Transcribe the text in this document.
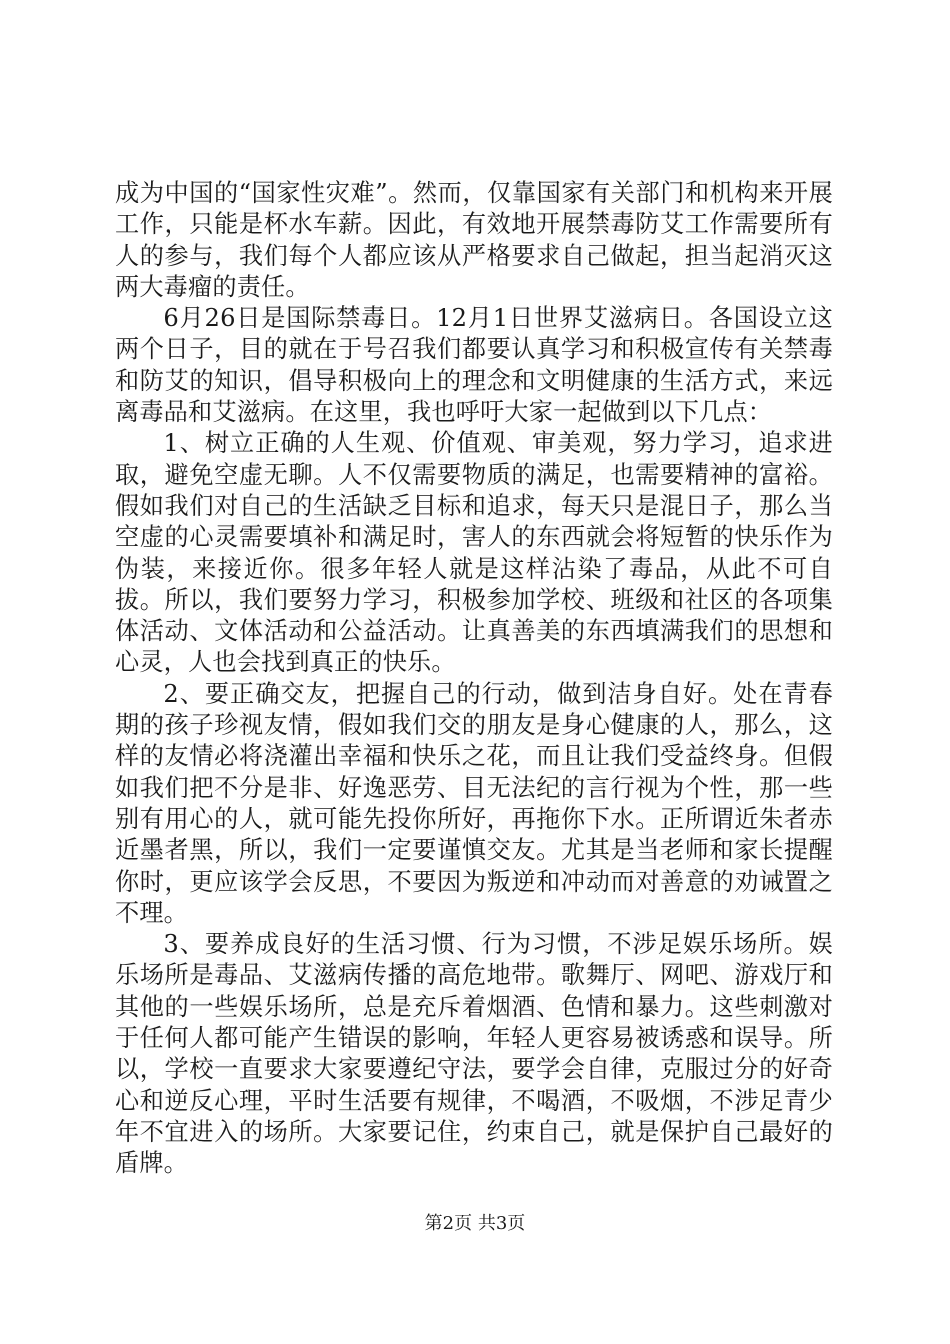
成为中国的“国家性灾难”。然而，仅靠国家有关部门和机构来开展工作，只能是杯水车薪。因此，有效地开展禁毒防艾工作需要所有人的参与，我们每个人都应该从严格要求自己做起，担当起消灭这两大毒瘤的责任。

6月26日是国际禁毒日。12月1日世界艾滋病日。各国设立这两个日子，目的就在于号召我们都要认真学习和积极宣传有关禁毒和防艾的知识，倡导积极向上的理念和文明健康的生活方式，来远离毒品和艾滋病。在这里，我也呼吁大家一起做到以下几点：

1、树立正确的人生观、价值观、审美观，努力学习，追求进取，避免空虚无聊。人不仅需要物质的满足，也需要精神的富裕。假如我们对自己的生活缺乏目标和追求，每天只是混日子，那么当空虚的心灵需要填补和满足时，害人的东西就会将短暂的快乐作为伪装，来接近你。很多年轻人就是这样沾染了毒品，从此不可自拔。所以，我们要努力学习，积极参加学校、班级和社区的各项集体活动、文体活动和公益活动。让真善美的东西填满我们的思想和心灵，人也会找到真正的快乐。

2、要正确交友，把握自己的行动，做到洁身自好。处在青春期的孩子珍视友情，假如我们交的朋友是身心健康的人，那么，这样的友情必将浇灌出幸福和快乐之花，而且让我们受益终身。但假如我们把不分是非、好逸恶劳、目无法纪的言行视为个性，那一些别有用心的人，就可能先投你所好，再拖你下水。正所谓近朱者赤近墨者黑，所以，我们一定要谨慎交友。尤其是当老师和家长提醒你时，更应该学会反思，不要因为叛逆和冲动而对善意的劝诫置之不理。

3、要养成良好的生活习惯、行为习惯，不涉足娱乐场所。娱乐场所是毒品、艾滋病传播的高危地带。歌舞厅、网吧、游戏厅和其他的一些娱乐场所，总是充斥着烟酒、色情和暴力。这些刺激对于任何人都可能产生错误的影响，年轻人更容易被诱惑和误导。所以，学校一直要求大家要遵纪守法，要学会自律，克服过分的好奇心和逆反心理，平时生活要有规律，不喝酒，不吸烟，不涉足青少年不宜进入的场所。大家要记住，约束自己，就是保护自己最好的盾牌。

第2页 共3页
